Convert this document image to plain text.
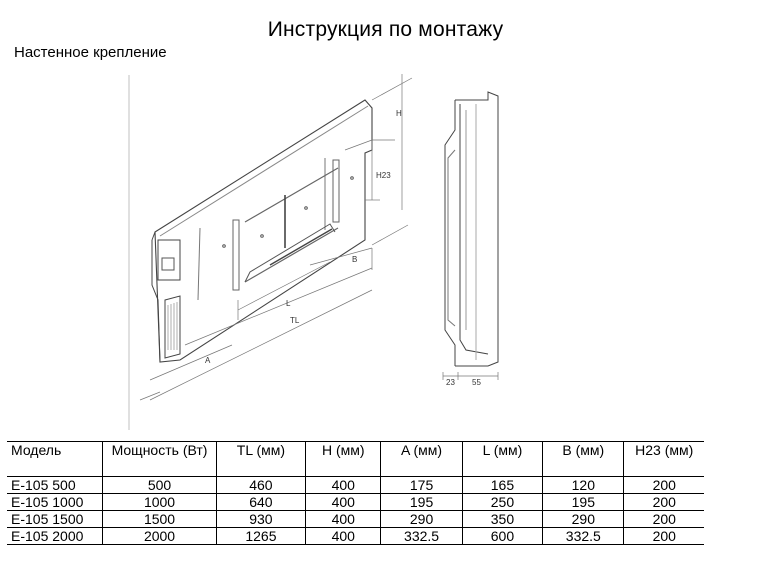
Инструкция по монтажу
Настенное крепление
H
H23
B
L
TL
A
23 55
Модель	Мощность (Вт)	TL (мм)	H (мм)	A (мм)	L (мм)	B (мм)	H23 (мм)
E-105 500	500	460	400	175	165	120	200
E-105 1000	1000	640	400	195	250	195	200
E-105 1500	1500	930	400	290	350	290	200
E-105 2000	2000	1265	400	332.5	600	332.5	200
